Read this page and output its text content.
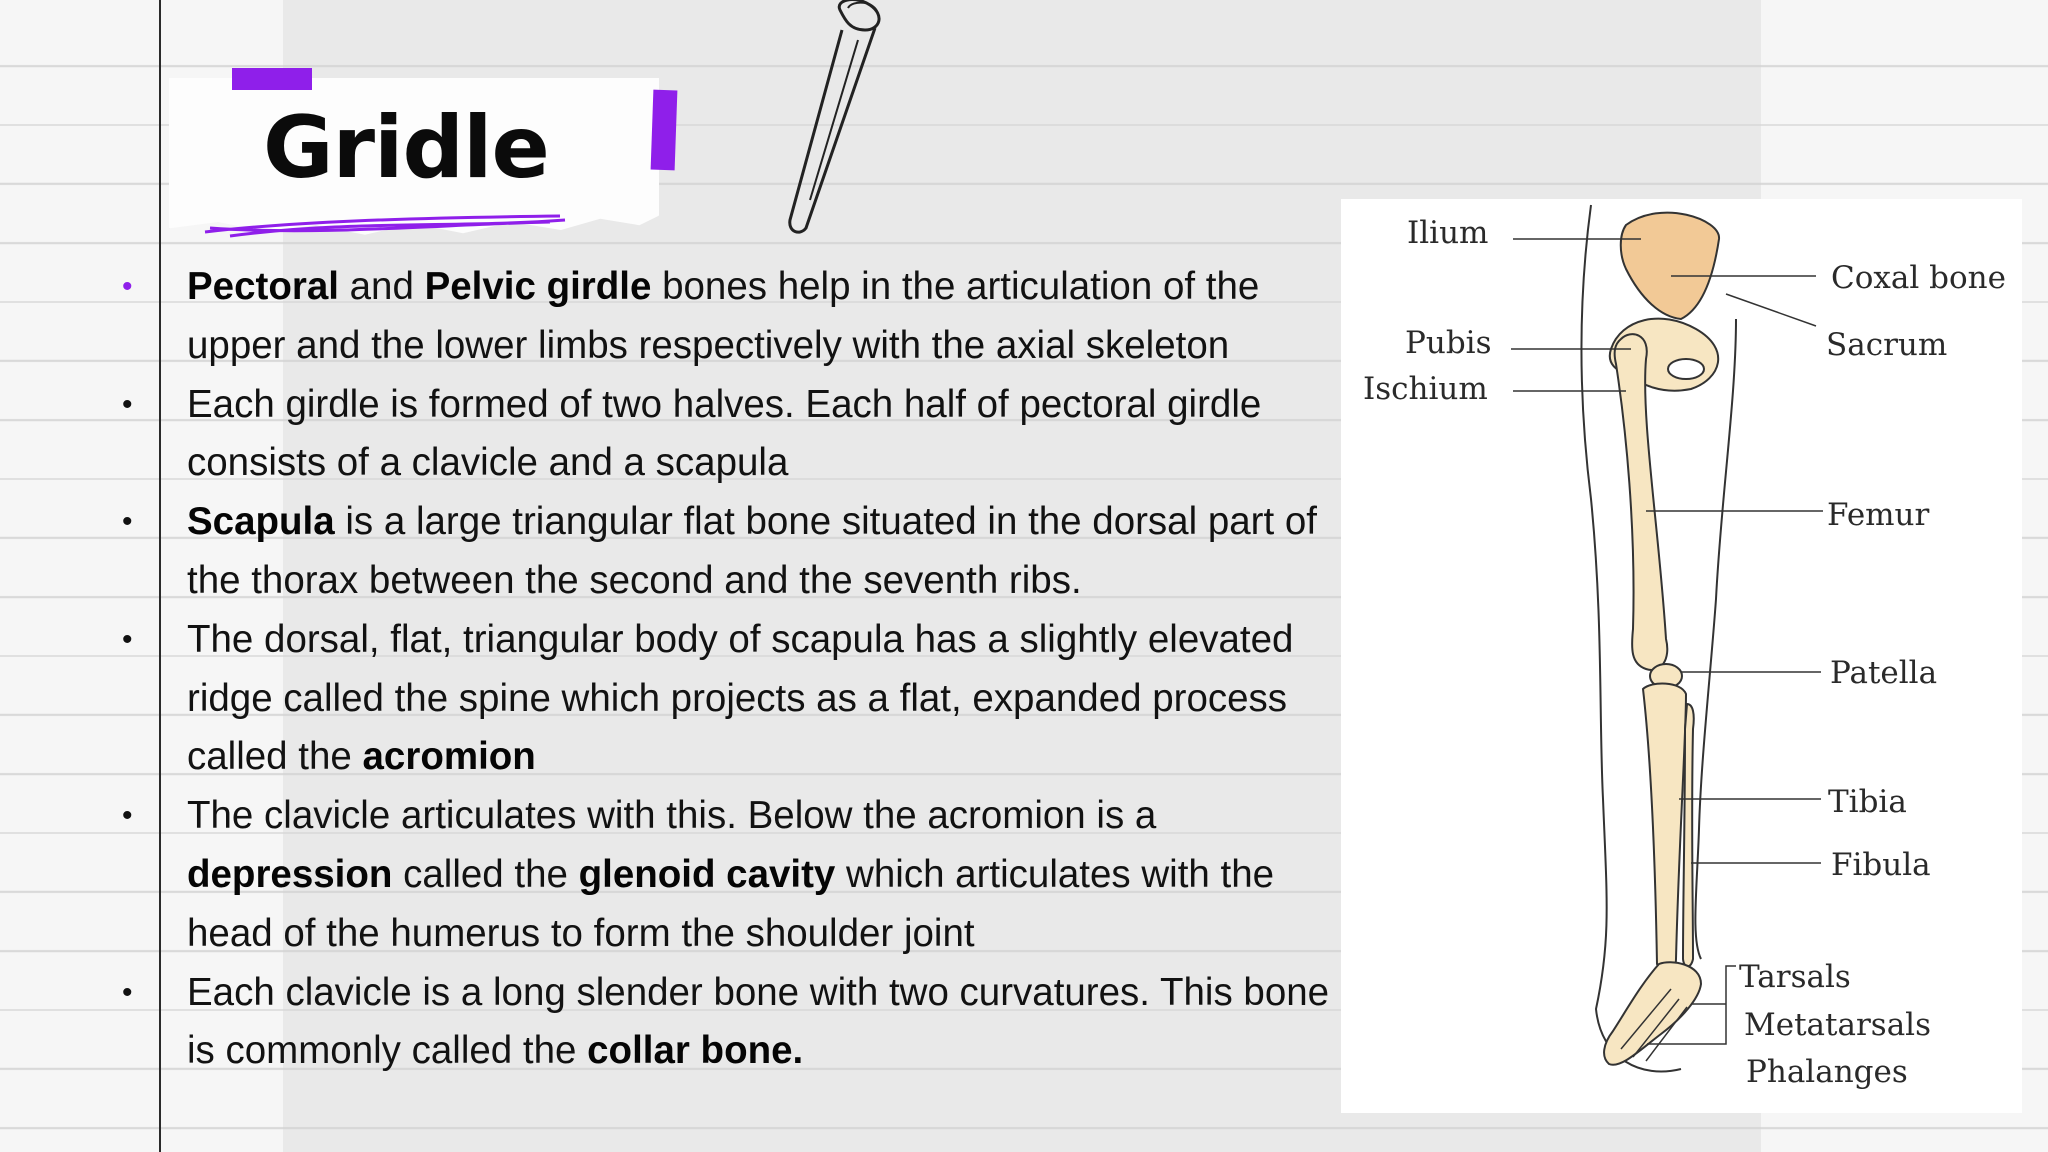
Gridle
• Pectoral and Pelvic girdle bones help in the articulation of the upper and the lower limbs respectively with the axial skeleton
• Each girdle is formed of two halves. Each half of pectoral girdle consists of a clavicle and a scapula
• Scapula is a large triangular flat bone situated in the dorsal part of the thorax between the second and the seventh ribs.
• The dorsal, flat, triangular body of scapula has a slightly elevated ridge called the spine which projects as a flat, expanded process called the acromion
• The clavicle articulates with this. Below the acromion is a depression called the glenoid cavity which articulates with the head of the humerus to form the shoulder joint
• Each clavicle is a long slender bone with two curvatures. This bone is commonly called the collar bone.
Ilium
Pubis
Ischium
Coxal bone
Sacrum
Femur
Patella
Tibia
Fibula
Tarsals
Metatarsals
Phalanges
